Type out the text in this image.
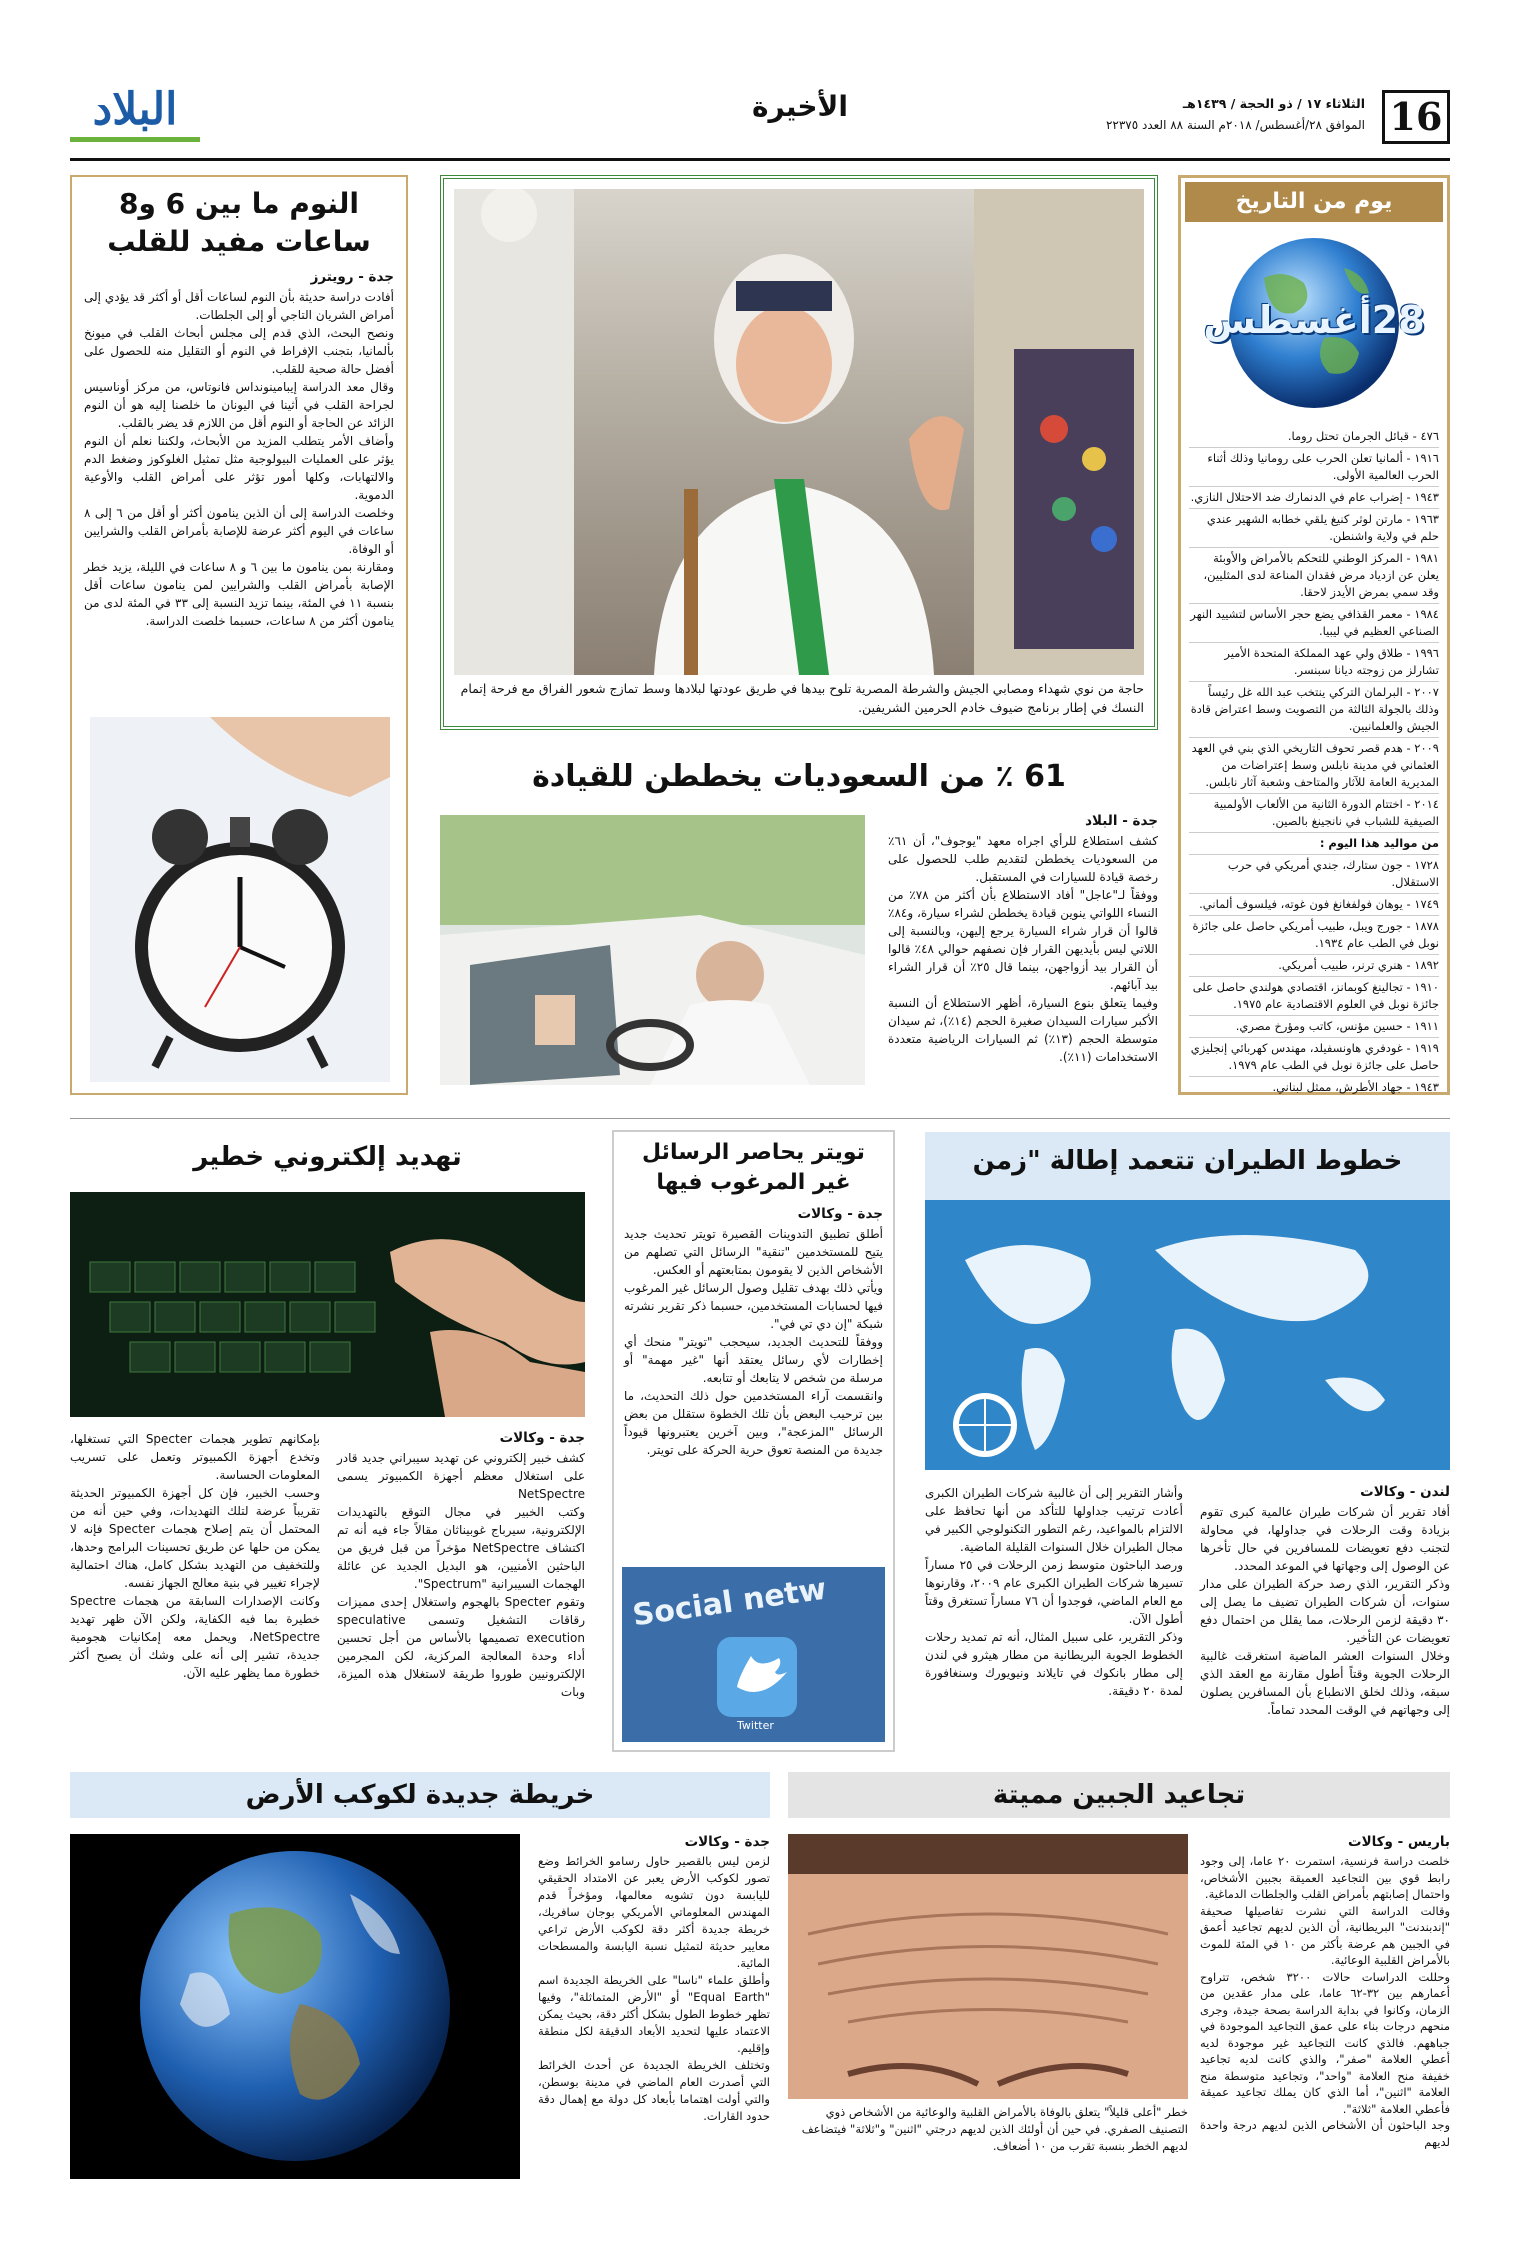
16
الثلاثاء ١٧ / ذو الحجة / ١٤٣٩هـ
الموافق ٢٨/أغسطس/ ٢٠١٨م السنة ٨٨ العدد ٢٢٣٧٥
الأخيرة
البلاد
يوم من التاريخ
28أغسطس

٤٧٦ - قبائل الجرمان تحتل روما.

١٩١٦ - ألمانيا تعلن الحرب على رومانيا وذلك أثناء الحرب العالمية الأولى.

١٩٤٣ - إضراب عام في الدنمارك ضد الاحتلال النازي.

١٩٦٣ - مارتن لوثر كنيغ يلقي خطابه الشهير عندي حلم في ولاية واشنطن.

١٩٨١ - المركز الوطني للتحكم بالأمراض والأوبئة يعلن عن ازدياد مرض فقدان المناعة لدى المثليين، وقد سمي بمرض الأيدز لاحقا.

١٩٨٤ - معمر القذافي يضع حجر الأساس لتشييد النهر الصناعي العظيم في ليبيا.

١٩٩٦ - طلاق ولي عهد المملكة المتحدة الأمير تشارلز من زوجته ديانا سبنسر.

٢٠٠٧ - البرلمان التركي ينتخب عبد الله غل رئيساً وذلك بالجولة الثالثة من التصويت وسط اعتراض قادة الجيش والعلمانيين.

٢٠٠٩ - هدم قصر تحوف التاريخي الذي بني في العهد العثماني في مدينة نابلس وسط إعتراضات من المديرية العامة للآثار والمتاحف وشعبة آثار نابلس.

٢٠١٤ - اختتام الدورة الثانية من الألعاب الأولمبية الصيفية للشباب في نانجينغ بالصين.

من مواليد هذا اليوم :

١٧٢٨ - جون ستارك، جندي أمريكي في حرب الاستقلال.

١٧٤٩ - يوهان فولفغانغ فون غوته، فيلسوف ألماني.

١٨٧٨ - جورج ويبل، طبيب أمريكي حاصل على جائزة نوبل في الطب عام ١٩٣٤.

١٨٩٢ - هنري ترنر، طبيب أمريكي.

١٩١٠ - تجالينغ كوبمانز، اقتصادي هولندي حاصل على جائزة نوبل في العلوم الاقتصادية عام ١٩٧٥.

١٩١١ - حسين مؤنس، كاتب ومؤرخ مصري.

١٩١٩ - غودفري هاونسفيلد، مهندس كهربائي إنجليزي حاصل على جائزة نوبل في الطب عام ١٩٧٩.

١٩٤٣ - جهاد الأطرش، ممثل لبناني.

حاجة من نوي شهداء ومصابي الجيش والشرطة المصرية تلوح بيدها في طريق عودتها لبلادها وسط تمازج شعور الفراق مع فرحة إتمام النسك في إطار برنامج ضيوف خادم الحرمين الشريفين.
النوم ما بين 6 و8
ساعات مفيد للقلب
جدة - رويترز

أفادت دراسة حديثة بأن النوم لساعات أقل أو أكثر قد يؤدي إلى أمراض الشريان التاجي أو إلى الجلطات.

ونصح البحث، الذي قدم إلى مجلس أبحاث القلب في ميونخ بألمانيا، بتجنب الإفراط في النوم أو التقليل منه للحصول على أفضل حالة صحية للقلب.

وقال معد الدراسة إيبامينونداس فانوتاس، من مركز أوناسيس لجراحة القلب في أثينا في اليونان ما خلصنا إليه هو أن النوم الزائد عن الحاجة أو النوم أقل من اللازم قد يضر بالقلب.

وأضاف الأمر يتطلب المزيد من الأبحاث، ولكننا نعلم أن النوم يؤثر على العمليات البيولوجية مثل تمثيل الغلوكوز وضغط الدم والالتهابات، وكلها أمور تؤثر على أمراض القلب والأوعية الدموية.

وخلصت الدراسة إلى أن الذين ينامون أكثر أو أقل من ٦ إلى ٨ ساعات في اليوم أكثر عرضة للإصابة بأمراض القلب والشرايين أو الوفاة.

ومقارنة بمن ينامون ما بين ٦ و ٨ ساعات في الليلة، يزيد خطر الإصابة بأمراض القلب والشرايين لمن ينامون ساعات أقل بنسبة ١١ في المئة، بينما تزيد النسبة إلى ٣٣ في المئة لدى من ينامون أكثر من ٨ ساعات، حسبما خلصت الدراسة.

61 ٪ من السعوديات يخططن للقيادة
جدة - البلاد

كشف استطلاع للرأي اجراه معهد "يوجوف"، أن ٦١٪ من السعوديات يخططن لتقديم طلب للحصول على رخصة قيادة للسيارات في المستقبل.

ووفقاً لـ"عاجل" أفاد الاستطلاع بأن أكثر من ٧٨٪ من النساء اللواتي ينوين قيادة يخططن لشراء سيارة، و٨٤٪ قالوا أن قرار شراء السيارة يرجع إليهن، وبالنسبة إلى اللاتي ليس بأيديهن القرار فإن نصفهم حوالي ٤٨٪ قالوا أن القرار بيد أزواجهن، بينما قال ٢٥٪ أن قرار الشراء بيد آبائهم.

وفيما يتعلق بنوع السيارة، أظهر الاستطلاع أن النسبة الأكبر سيارات السيدان صغيرة الحجم (١٤٪)، ثم سيدان متوسطة الحجم (١٣٪) ثم السيارات الرياضية متعددة الاستخدامات (١١٪).

خطوط الطيران تتعمد إطالة "زمن
لندن - وكالات

أفاد تقرير أن شركات طيران عالمية كبرى تقوم بزيادة وقت الرحلات في جداولها، في محاولة لتجنب دفع تعويضات للمسافرين في حال تأخرها عن الوصول إلى وجهاتها في الموعد المحدد.

وذكر التقرير، الذي رصد حركة الطيران على مدار سنوات، أن شركات الطيران تضيف ما يصل إلى ٣٠ دقيقة لزمن الرحلات، مما يقلل من احتمال دفع تعويضات عن التأخير.

وخلال السنوات العشر الماضية استغرقت غالبية الرحلات الجوية وقتاً أطول مقارنة مع العقد الذي سبقه، وذلك لخلق الانطباع بأن المسافرين يصلون إلى وجهاتهم في الوقت المحدد تماماً.

وأشار التقرير إلى أن غالبية شركات الطيران الكبرى أعادت ترتيب جداولها للتأكد من أنها تحافظ على الالتزام بالمواعيد، رغم التطور التكنولوجي الكبير في مجال الطيران خلال السنوات القليلة الماضية.

ورصد الباحثون متوسط زمن الرحلات في ٢٥ مساراً تسيرها شركات الطيران الكبرى عام ٢٠٠٩، وقارنوها مع العام الماضي، فوجدوا أن ٧٦ مساراً تستغرق وقتاً أطول الآن.

وذكر التقرير، على سبيل المثال، أنه تم تمديد رحلات الخطوط الجوية البريطانية من مطار هيثرو في لندن إلى مطار بانكوك في تايلاند ونيويورك وسنغافورة لمدة ٢٠ دقيقة.

تويتر يحاصر الرسائل
غير المرغوب فيها
جدة - وكالات

أطلق تطبيق التدوينات القصيرة تويتر تحديث جديد يتيح للمستخدمين "تنقية" الرسائل التي تصلهم من الأشخاص الذين لا يقومون بمتابعتهم أو العكس.

ويأتي ذلك بهدف تقليل وصول الرسائل غير المرغوب فيها لحسابات المستخدمين، حسبما ذكر تقرير نشرته شبكة "إن دي تي في".

ووفقاً للتحديث الجديد، سيحجب "تويتر" منحك أي إخطارات لأي رسائل يعتقد أنها "غير مهمة" أو مرسلة من شخص لا يتابعك أو تتابعه.

وانقسمت آراء المستخدمين حول ذلك التحديث، ما بين ترحيب البعض بأن تلك الخطوة ستقلل من بعض الرسائل "المزعجة"، وبين آخرين يعتبرونها قيوداً جديدة من المنصة تعوق حرية الحركة على تويتر.

Social netw
Twitter
تهديد إلكتروني خطير
جدة - وكالات

كشف خبير إلكتروني عن تهديد سيبراني جديد قادر على استغلال معظم أجهزة الكمبيوتر يسمى NetSpectre

وكتب الخبير في مجال التوقع بالتهديدات الإلكترونية، سيرباج غوبيناثان مقالاً جاء فيه أنه تم اكتشاف NetSpectre مؤخراً من قبل فريق من الباحثين الأمنيين، هو البديل الجديد عن عائلة الهجمات السيبرانية "Spectrum".

وتقوم Specter بالهجوم واستغلال إحدى مميزات رقاقات التشغيل وتسمى speculative execution تصميمها بالأساس من أجل تحسين أداء وحدة المعالجة المركزية، لكن المجرمين الإلكترونيين طوروا طريقة لاستغلال هذه الميزة، وبات

بإمكانهم تطوير هجمات Specter التي تستغلها، وتخدع أجهزة الكمبيوتر وتعمل على تسريب المعلومات الحساسة.

وحسب الخبير، فإن كل أجهزة الكمبيوتر الحديثة تقريباً عرضة لتلك التهديدات، وفي حين أنه من المحتمل أن يتم إصلاح هجمات Specter فإنه لا يمكن من حلها عن طريق تحسينات البرامج وحدها، وللتخفيف من التهديد بشكل كامل، هناك احتمالية لإجراء تغيير في بنية معالج الجهاز نفسه.

وكانت الإصدارات السابقة من هجمات Spectre خطيرة بما فيه الكفاية، ولكن الآن ظهر تهديد NetSpectre، ويحمل معه إمكانيات هجومية جديدة، تشير إلى أنه على وشك أن يصبح أكثر خطورة مما يظهر عليه الآن.

خريطة جديدة لكوكب الأرض
جدة - وكالات

لزمن ليس بالقصير حاول رسامو الخرائط وضع تصور لكوكب الأرض يعبر عن الامتداد الحقيقي لليابسة دون تشويه معالمها، ومؤخراً قدم المهندس المعلوماتي الأمريكي بوجان سافريك، خريطة جديدة أكثر دقة لكوكب الأرض تراعي معايير حديثة لتمثيل نسبة اليابسة والمسطحات المائية.

وأطلق علماء "ناسا" على الخريطة الجديدة اسم "Equal Earth" أو "الأرض المتماثلة"، وفيها تظهر خطوط الطول بشكل أكثر دقة، بحيث يمكن الاعتماد عليها لتحديد الأبعاد الدقيقة لكل منطقة وإقليم.

وتختلف الخريطة الجديدة عن أحدث الخرائط التي أصدرت العام الماضي في مدينة بوسطن، والتي أولت اهتماما بأبعاد كل دولة مع إهمال دقة حدود القارات.

تجاعيد الجبين مميتة
باريس - وكالات

خلصت دراسة فرنسية، استمرت ٢٠ عاما، إلى وجود رابط قوي بين التجاعيد العميقة بجبين الأشخاص، واحتمال إصابتهم بأمراض القلب والجلطات الدماغية.

وقالت الدراسة التي نشرت تفاصيلها صحيفة "إندبندنت" البريطانية، أن الذين لديهم تجاعيد أعمق في الجبين هم عرضة بأكثر من ١٠ في المئة للموت بالأمراض القلبية الوعائية.

وحللت الدراسات حالات ٣٢٠٠ شخص، تتراوح أعمارهم بين ٣٢-٦٢ عاما، على مدار عقدين من الزمان، وكانوا في بداية الدراسة بصحة جيدة، وجرى منحهم درجات بناء على عمق التجاعيد الموجودة في جباههم. فالذي كانت التجاعيد غير موجودة لديه أعطي العلامة "صفر"، والذي كانت لديه تجاعيد خفيفة منح العلامة "واحد"، وتجاعيد متوسطة منح العلامة "اثنين"، أما الذي كان يملك تجاعيد عميقة فأعطي العلامة "ثلاثة".

وجد الباحثون أن الأشخاص الذين لديهم درجة واحدة لديهم

خطر "أعلى قليلاً" يتعلق بالوفاة بالأمراض القلبية والوعائية من الأشخاص ذوي التصنيف الصفري. في حين أن أولئك الذين لديهم درجتي "اثنين" و"ثلاثة" فيتضاعف لديهم الخطر بنسبة تقرب من ١٠ أضعاف.
